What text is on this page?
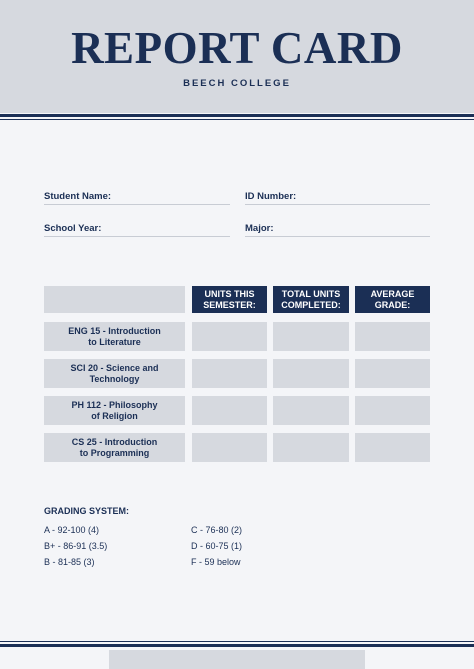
REPORT CARD
BEECH COLLEGE
Student Name:	ID Number:
School Year:	Major:
UNITS THIS
SEMESTER:
TOTAL UNITS
COMPLETED:
AVERAGE
GRADE:
ENG 15 - Introduction
to Literature
SCI 20 - Science and
Technology
PH 112 - Philosophy
of Religion
CS 25 - Introduction
to Programming
GRADING SYSTEM:
A - 92-100 (4)
B+ - 86-91 (3.5)
B - 81-85 (3)
C - 76-80 (2)
D - 60-75 (1)
F - 59 below
